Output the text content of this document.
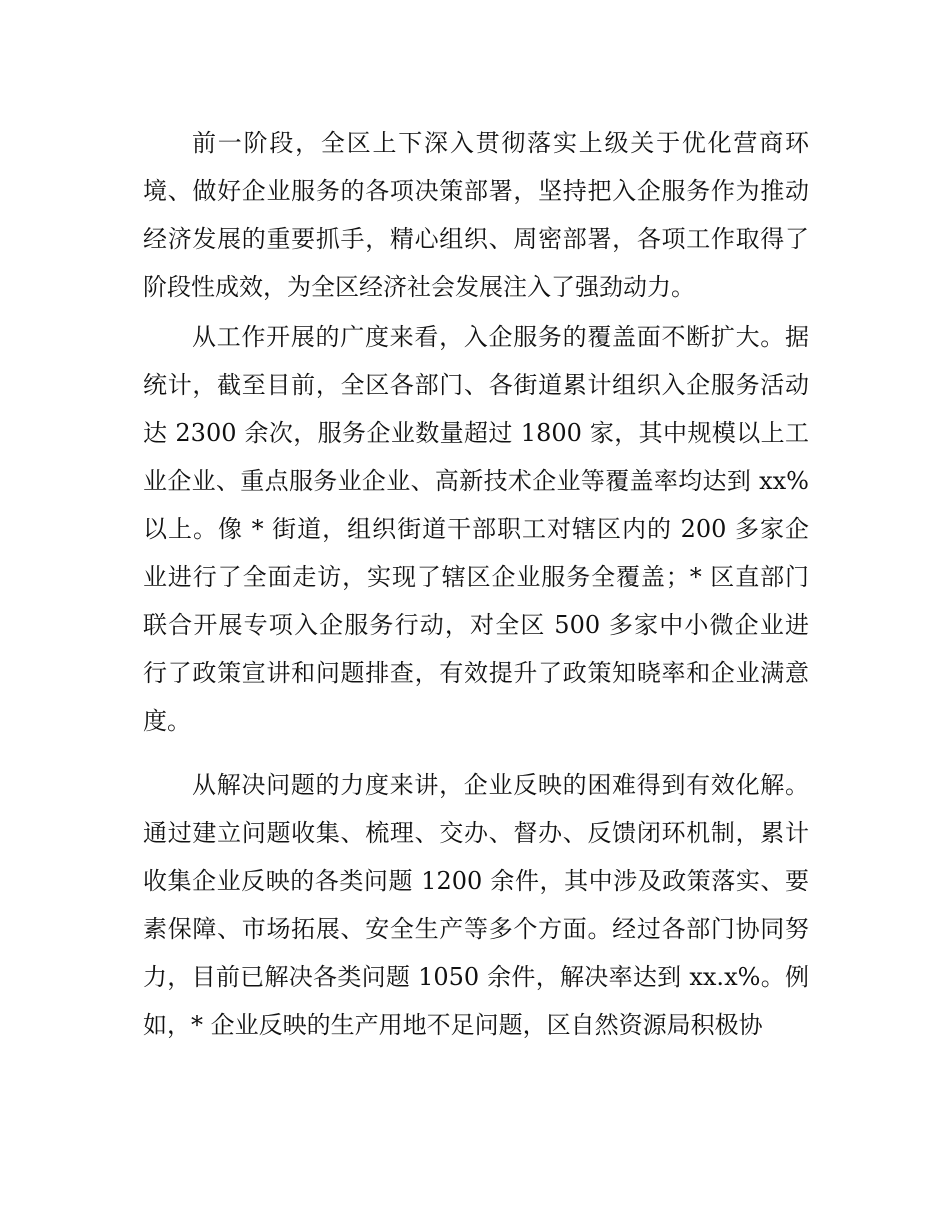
前一阶段，全区上下深入贯彻落实上级关于优化营商环
境、做好企业服务的各项决策部署，坚持把入企服务作为推动
经济发展的重要抓手，精心组织、周密部署，各项工作取得了
阶段性成效，为全区经济社会发展注入了强劲动力。
从工作开展的广度来看，入企服务的覆盖面不断扩大。据
统计，截至目前，全区各部门、各街道累计组织入企服务活动
达 2300 余次，服务企业数量超过 1800 家，其中规模以上工
业企业、重点服务业企业、高新技术企业等覆盖率均达到 xx%
以上。像 * 街道，组织街道干部职工对辖区内的 200 多家企
业进行了全面走访，实现了辖区企业服务全覆盖；* 区直部门
联合开展专项入企服务行动，对全区 500 多家中小微企业进
行了政策宣讲和问题排查，有效提升了政策知晓率和企业满意
度。
从解决问题的力度来讲，企业反映的困难得到有效化解。
通过建立问题收集、梳理、交办、督办、反馈闭环机制，累计
收集企业反映的各类问题 1200 余件，其中涉及政策落实、要
素保障、市场拓展、安全生产等多个方面。经过各部门协同努
力，目前已解决各类问题 1050 余件，解决率达到 xx.x%。例
如，* 企业反映的生产用地不足问题，区自然资源局积极协
